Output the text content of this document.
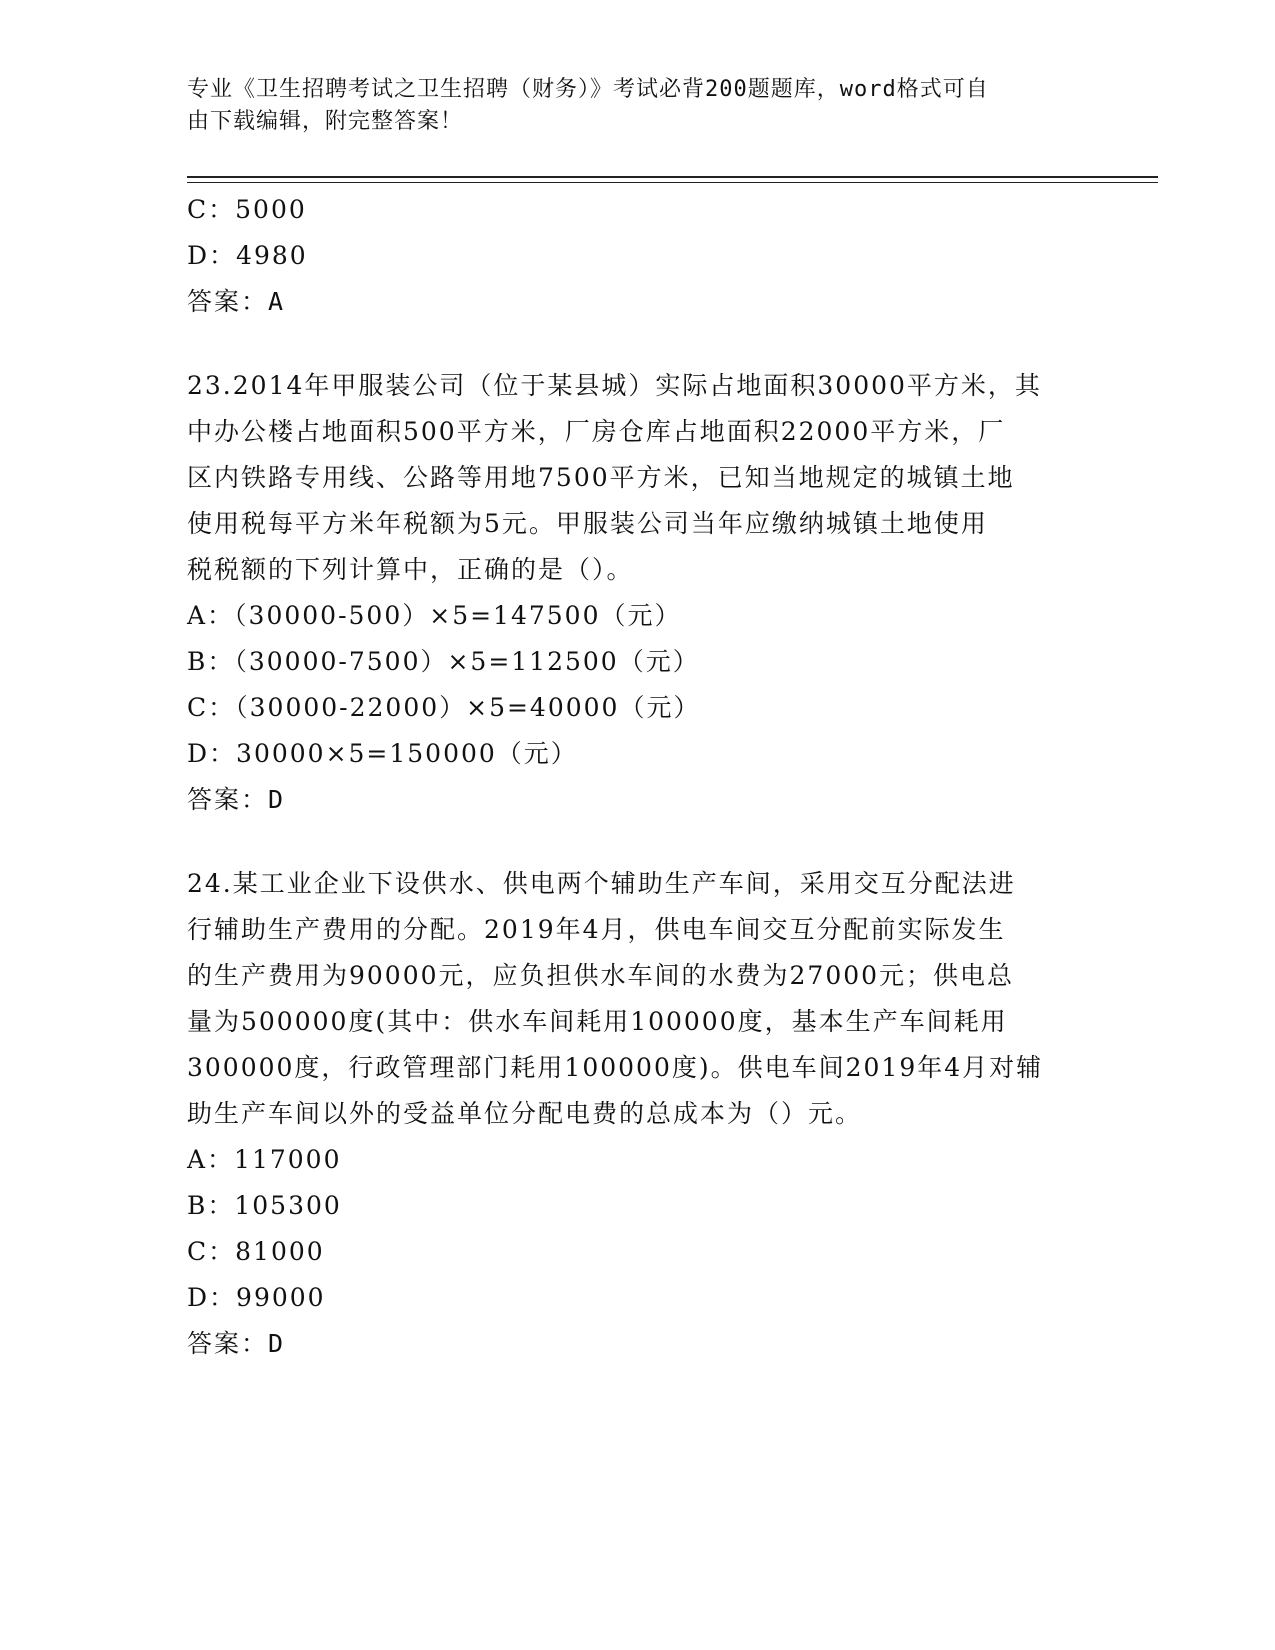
专业《卫生招聘考试之卫生招聘（财务）》考试必背200题题库，word格式可自
由下载编辑，附完整答案！
C：5000
D：4980
答案：A
23.2014年甲服装公司（位于某县城）实际占地面积30000平方米，其
中办公楼占地面积500平方米，厂房仓库占地面积22000平方米，厂
区内铁路专用线、公路等用地7500平方米，已知当地规定的城镇土地
使用税每平方米年税额为5元。甲服装公司当年应缴纳城镇土地使用
税税额的下列计算中，正确的是（）。
A：（30000-500）×5=147500（元）
B：（30000-7500）×5=112500（元）
C：（30000-22000）×5=40000（元）
D：30000×5=150000（元）
答案：D
24.某工业企业下设供水、供电两个辅助生产车间，采用交互分配法进
行辅助生产费用的分配。2019年4月，供电车间交互分配前实际发生
的生产费用为90000元，应负担供水车间的水费为27000元；供电总
量为500000度(其中：供水车间耗用100000度，基本生产车间耗用
300000度，行政管理部门耗用100000度)。供电车间2019年4月对辅
助生产车间以外的受益单位分配电费的总成本为（）元。
A：117000
B：105300
C：81000
D：99000
答案：D
